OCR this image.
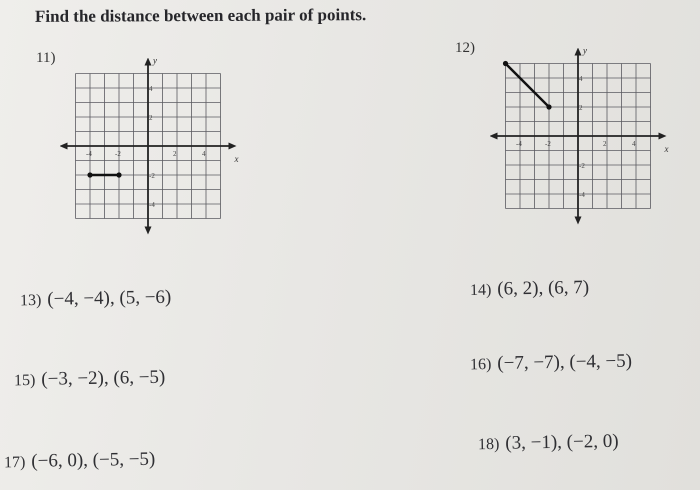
Find the distance between each pair of points.
11)
12)
x
y
-4	-2	2	4
4
2
-2
-4
x
y
-4	-2	2	4
4
2
-2
-4
13) (−4, −4), (5, −6)	14) (6, 2), (6, 7)
15) (−3, −2), (6, −5)
16) (−7, −7), (−4, −5)
17) (−6, 0), (−5, −5)
18) (3, −1), (−2, 0)
